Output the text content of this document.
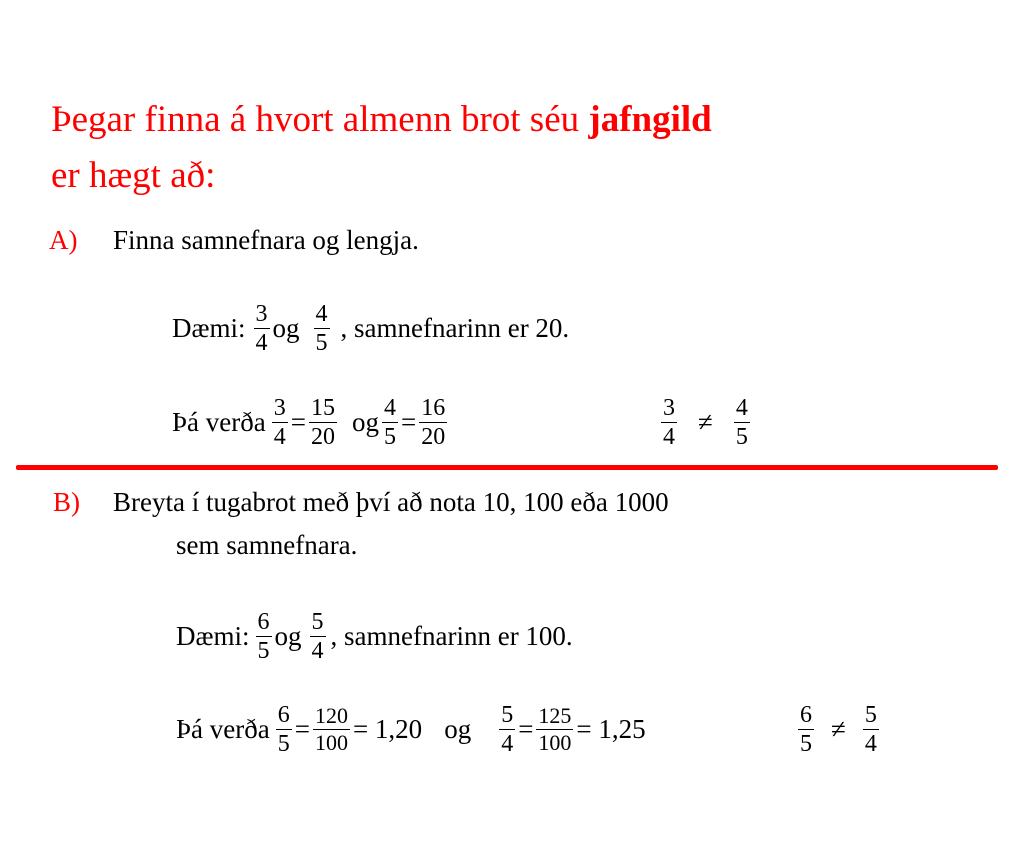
Þegar finna á hvort almenn brot séu jafngild
er hægt að:
A) Finna samnefnara og lengja.
Dæmi: $\frac{3}{4}$ og $\frac{4}{5}$ , samnefnarinn er 20.
Þá verða $\frac{3}{4} = \frac{15}{20}$ og $\frac{4}{5} = \frac{16}{20}$	$\frac{3}{4} \ne \frac{4}{5}$
B) Breyta í tugabrot með því að nota 10, 100 eða 1000
sem samnefnara.
Dæmi: $\frac{6}{5}$ og $\frac{5}{4}$ , samnefnarinn er 100.
Þá verða $\frac{6}{5} = \frac{120}{100} = 1,20$ og $\frac{5}{4} = \frac{125}{100} = 1,25$	$\frac{6}{5} \ne \frac{5}{4}$
